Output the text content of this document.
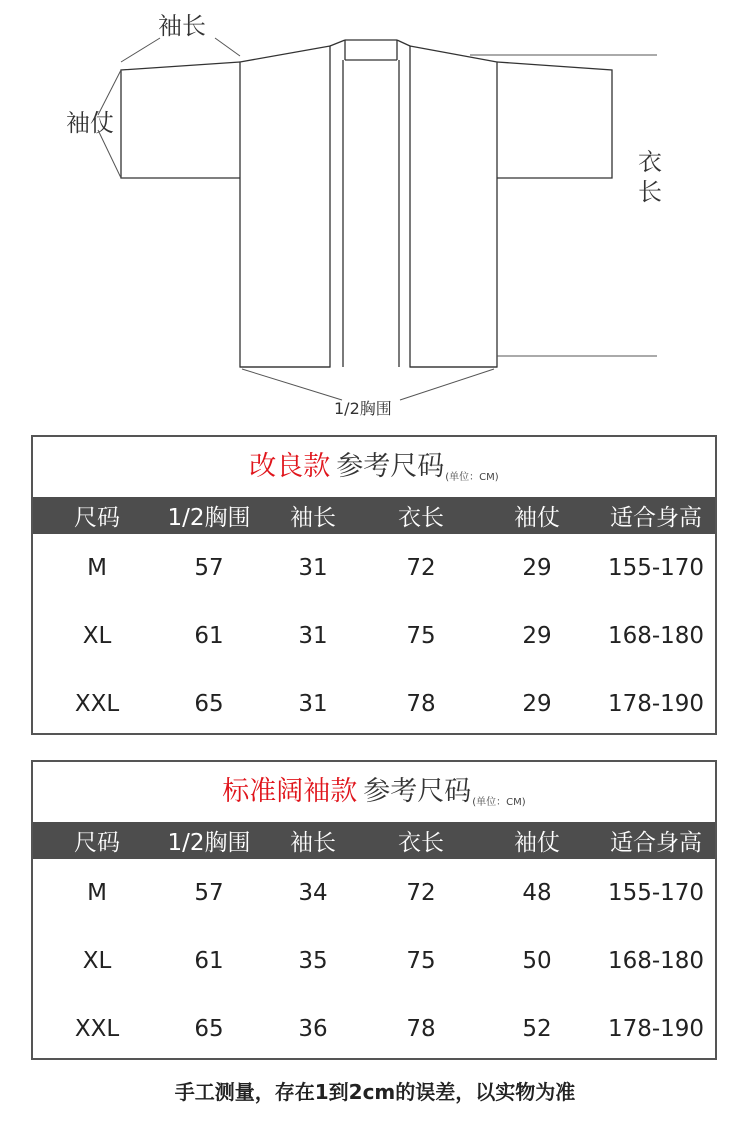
袖长
袖仗
衣
长
1/2胸围
改良款 参考尺码 (单位：CM)
尺码	1/2胸围	袖长	衣长	袖仗	适合身高
M	57	31	72	29	155-170
XL	61	31	75	29	168-180
XXL	65	31	78	29	178-190
标准阔袖款 参考尺码 (单位：CM)
尺码	1/2胸围	袖长	衣长	袖仗	适合身高
M	57	34	72	48	155-170
XL	61	35	75	50	168-180
XXL	65	36	78	52	178-190
手工测量，存在1到2cm的误差，以实物为准
